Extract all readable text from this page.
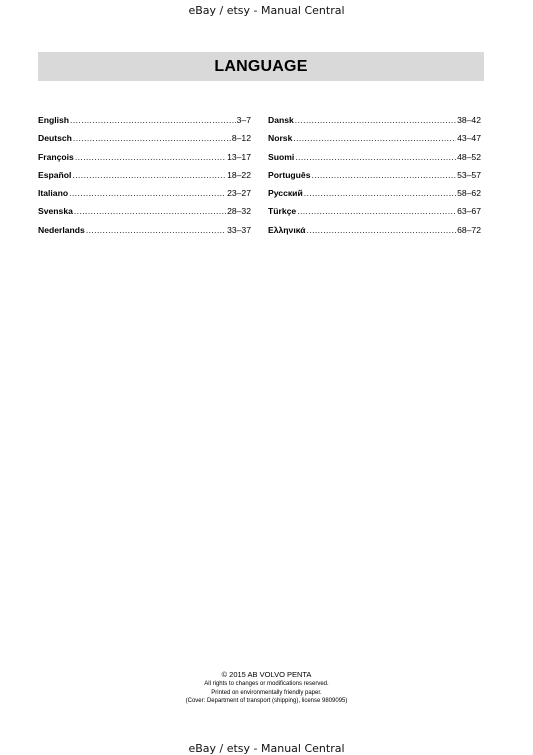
eBay / etsy - Manual Central
LANGUAGE
English .....	3–7
Deutsch .....	8–12
François .....	13–17
Español .....	18–22
Italiano .....	23–27
Svenska .....	28–32
Nederlands .....	33–37
Dansk .....	38–42
Norsk .....	43–47
Suomi .....	48–52
Português .....	53–57
Русский .....	58–62
Türkçe .....	63–67
Ελληνικά .....	68–72
© 2015 AB VOLVO PENTA
All rights to changes or modifications reserved.
Printed on environmentally friendly paper.
(Cover: Department of transport (shipping), license 9809095)
eBay / etsy - Manual Central
